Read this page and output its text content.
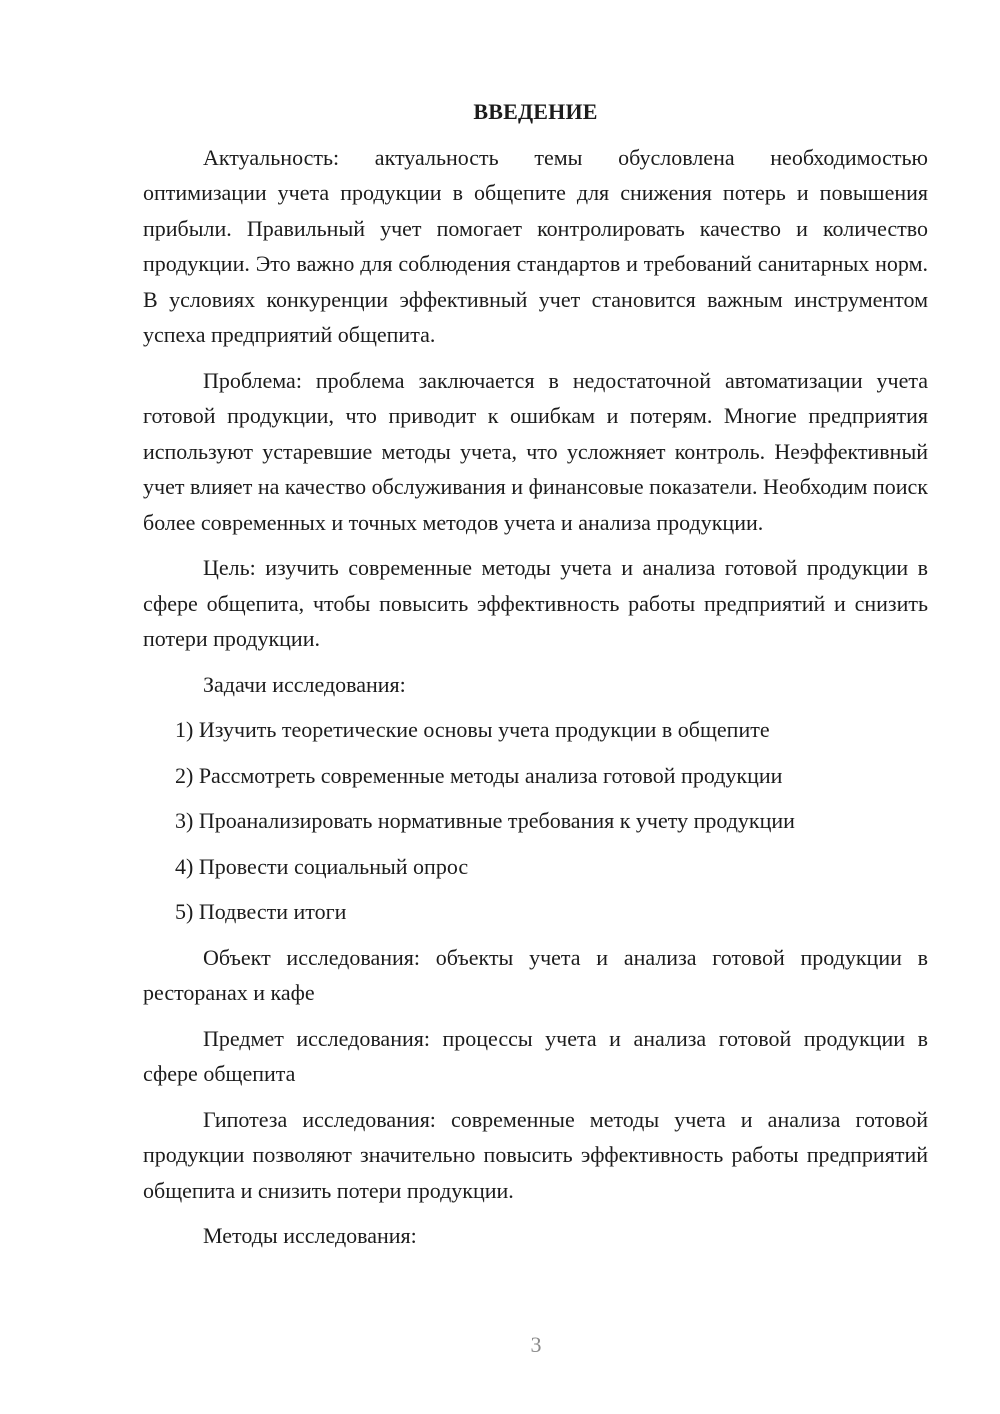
ВВЕДЕНИЕ

Актуальность: актуальность темы обусловлена необходимостью оптимизации учета продукции в общепите для снижения потерь и повышения прибыли. Правильный учет помогает контролировать качество и количество продукции. Это важно для соблюдения стандартов и требований санитарных норм. В условиях конкуренции эффективный учет становится важным инструментом успеха предприятий общепита.

Проблема: проблема заключается в недостаточной автоматизации учета готовой продукции, что приводит к ошибкам и потерям. Многие предприятия используют устаревшие методы учета, что усложняет контроль. Неэффективный учет влияет на качество обслуживания и финансовые показатели. Необходим поиск более современных и точных методов учета и анализа продукции.

Цель: изучить современные методы учета и анализа готовой продукции в сфере общепита, чтобы повысить эффективность работы предприятий и снизить потери продукции.

Задачи исследования:

1) Изучить теоретические основы учета продукции в общепите
2) Рассмотреть современные методы анализа готовой продукции
3) Проанализировать нормативные требования к учету продукции
4) Провести социальный опрос
5) Подвести итоги

Объект исследования: объекты учета и анализа готовой продукции в ресторанах и кафе

Предмет исследования: процессы учета и анализа готовой продукции в сфере общепита

Гипотеза исследования: современные методы учета и анализа готовой продукции позволяют значительно повысить эффективность работы предприятий общепита и снизить потери продукции.

Методы исследования:

3
